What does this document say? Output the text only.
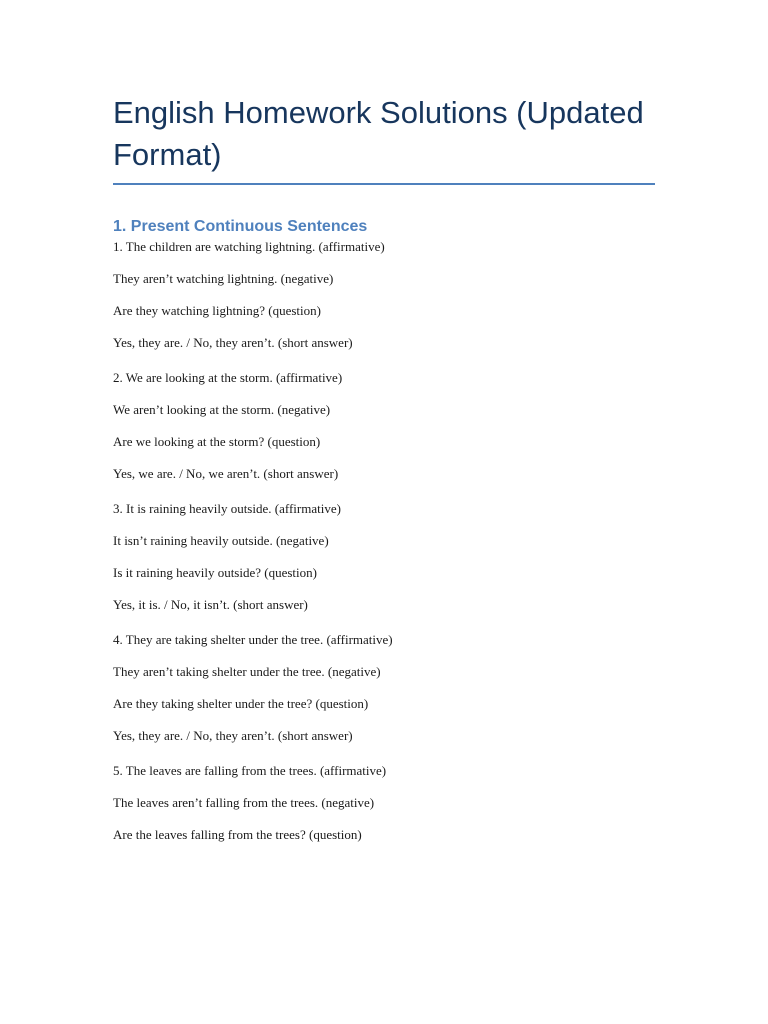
English Homework Solutions (Updated Format)
1. Present Continuous Sentences
1. The children are watching lightning. (affirmative)
They aren’t watching lightning. (negative)
Are they watching lightning? (question)
Yes, they are. / No, they aren’t. (short answer)
2. We are looking at the storm. (affirmative)
We aren’t looking at the storm. (negative)
Are we looking at the storm? (question)
Yes, we are. / No, we aren’t. (short answer)
3. It is raining heavily outside. (affirmative)
It isn’t raining heavily outside. (negative)
Is it raining heavily outside? (question)
Yes, it is. / No, it isn’t. (short answer)
4. They are taking shelter under the tree. (affirmative)
They aren’t taking shelter under the tree. (negative)
Are they taking shelter under the tree? (question)
Yes, they are. / No, they aren’t. (short answer)
5. The leaves are falling from the trees. (affirmative)
The leaves aren’t falling from the trees. (negative)
Are the leaves falling from the trees? (question)
